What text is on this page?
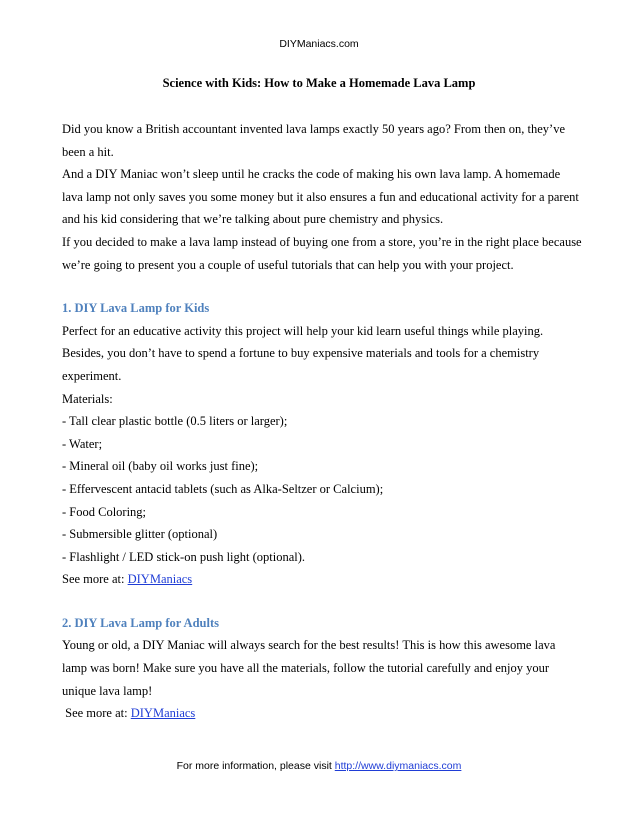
DIYManiacs.com
Science with Kids: How to Make a Homemade Lava Lamp

Did you know a British accountant invented lava lamps exactly 50 years ago? From then on, they’ve been a hit.

And a DIY Maniac won’t sleep until he cracks the code of making his own lava lamp. A homemade lava lamp not only saves you some money but it also ensures a fun and educational activity for a parent and his kid considering that we’re talking about pure chemistry and physics.

If you decided to make a lava lamp instead of buying one from a store, you’re in the right place because we’re going to present you a couple of useful tutorials that can help you with your project.

1. DIY Lava Lamp for Kids

Perfect for an educative activity this project will help your kid learn useful things while playing. Besides, you don’t have to spend a fortune to buy expensive materials and tools for a chemistry experiment.

Materials:

- Tall clear plastic bottle (0.5 liters or larger);

- Water;

- Mineral oil (baby oil works just fine);

- Effervescent antacid tablets (such as Alka-Seltzer or Calcium);

- Food Coloring;

- Submersible glitter (optional)

- Flashlight / LED stick-on push light (optional).

See more at: DIYManiacs

2. DIY Lava Lamp for Adults

Young or old, a DIY Maniac will always search for the best results! This is how this awesome lava lamp was born! Make sure you have all the materials, follow the tutorial carefully and enjoy your unique lava lamp!

See more at: DIYManiacs

For more information, please visit http://www.diymaniacs.com
